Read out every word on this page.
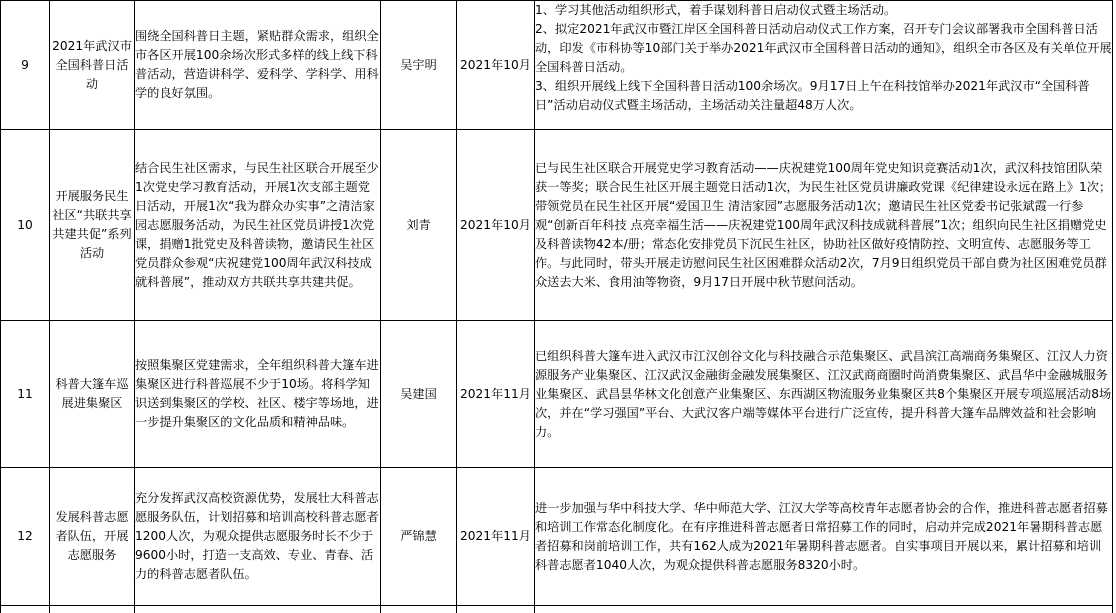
9	2021年武汉市全国科普日活动	围绕全国科普日主题，紧贴群众需求，组织全市各区开展100余场次形式多样的线上线下科普活动，营造讲科学、爱科学、学科学、用科学的良好氛围。	吴宇明	2021年10月	1、学习其他活动组织形式，着手谋划科普日启动仪式暨主场活动。
2、拟定2021年武汉市暨江岸区全国科普日活动启动仪式工作方案，召开专门会议部署我市全国科普日活动，印发《市科协等10部门关于举办2021年武汉市全国科普日活动的通知》，组织全市各区及有关单位开展全国科普日活动。
3、组织开展线上线下全国科普日活动100余场次。9月17日上午在科技馆举办2021年武汉市“全国科普日”活动启动仪式暨主场活动，主场活动关注量超48万人次。

10	开展服务民生社区“共联共享共建共促”系列活动	结合民生社区需求，与民生社区联合开展至少1次党史学习教育活动，开展1次支部主题党日活动，开展1次“我为群众办实事”之清洁家园志愿服务活动，为民生社区党员讲授1次党课，捐赠1批党史及科普读物，邀请民生社区党员群众参观“庆祝建党100周年武汉科技成就科普展”，推动双方共联共享共建共促。	刘青	2021年10月	已与民生社区联合开展党史学习教育活动——庆祝建党100周年党史知识竞赛活动1次，武汉科技馆团队荣获一等奖；联合民生社区开展主题党日活动1次，为民生社区党员讲廉政党课《纪律建设永远在路上》1次；带领党员在民生社区开展“爱国卫生 清洁家园”志愿服务活动1次；邀请民生社区党委书记张斌霞一行参观“创新百年科技 点亮幸福生活——庆祝建党100周年武汉科技成就科普展”1次；组织向民生社区捐赠党史及科普读物42本/册；常态化安排党员下沉民生社区，协助社区做好疫情防控、文明宣传、志愿服务等工作。与此同时，带头开展走访慰问民生社区困难群众活动2次，7月9日组织党员干部自费为社区困难党员群众送去大米、食用油等物资，9月17日开展中秋节慰问活动。
11	科普大篷车巡展进集聚区	按照集聚区党建需求，全年组织科普大篷车进集聚区进行科普巡展不少于10场。将科学知识送到集聚区的学校、社区、楼宇等场地，进一步提升集聚区的文化品质和精神品味。	吴建国	2021年11月	已组织科普大篷车进入武汉市江汉创谷文化与科技融合示范集聚区、武昌滨江高端商务集聚区、江汉人力资源服务产业集聚区、江汉武汉金融街金融发展集聚区、江汉武商商圈时尚消费集聚区、武昌华中金融城服务业集聚区、武昌昙华林文化创意产业集聚区、东西湖区物流服务业集聚区共8个集聚区开展专项巡展活动8场次，并在“学习强国”平台、大武汉客户端等媒体平台进行广泛宣传，提升科普大篷车品牌效益和社会影响力。
12	发展科普志愿者队伍，开展志愿服务	充分发挥武汉高校资源优势，发展壮大科普志愿服务队伍，计划招募和培训高校科普志愿者1200人次，为观众提供志愿服务时长不少于9600小时，打造一支高效、专业、青春、活力的科普志愿者队伍。	严锦慧	2021年11月	进一步加强与华中科技大学、华中师范大学、江汉大学等高校青年志愿者协会的合作，推进科普志愿者招募和培训工作常态化制度化。在有序推进科普志愿者日常招募工作的同时，启动并完成2021年暑期科普志愿者招募和岗前培训工作，共有162人成为2021年暑期科普志愿者。自实事项目开展以来，累计招募和培训科普志愿者1040人次，为观众提供科普志愿服务8320小时。
